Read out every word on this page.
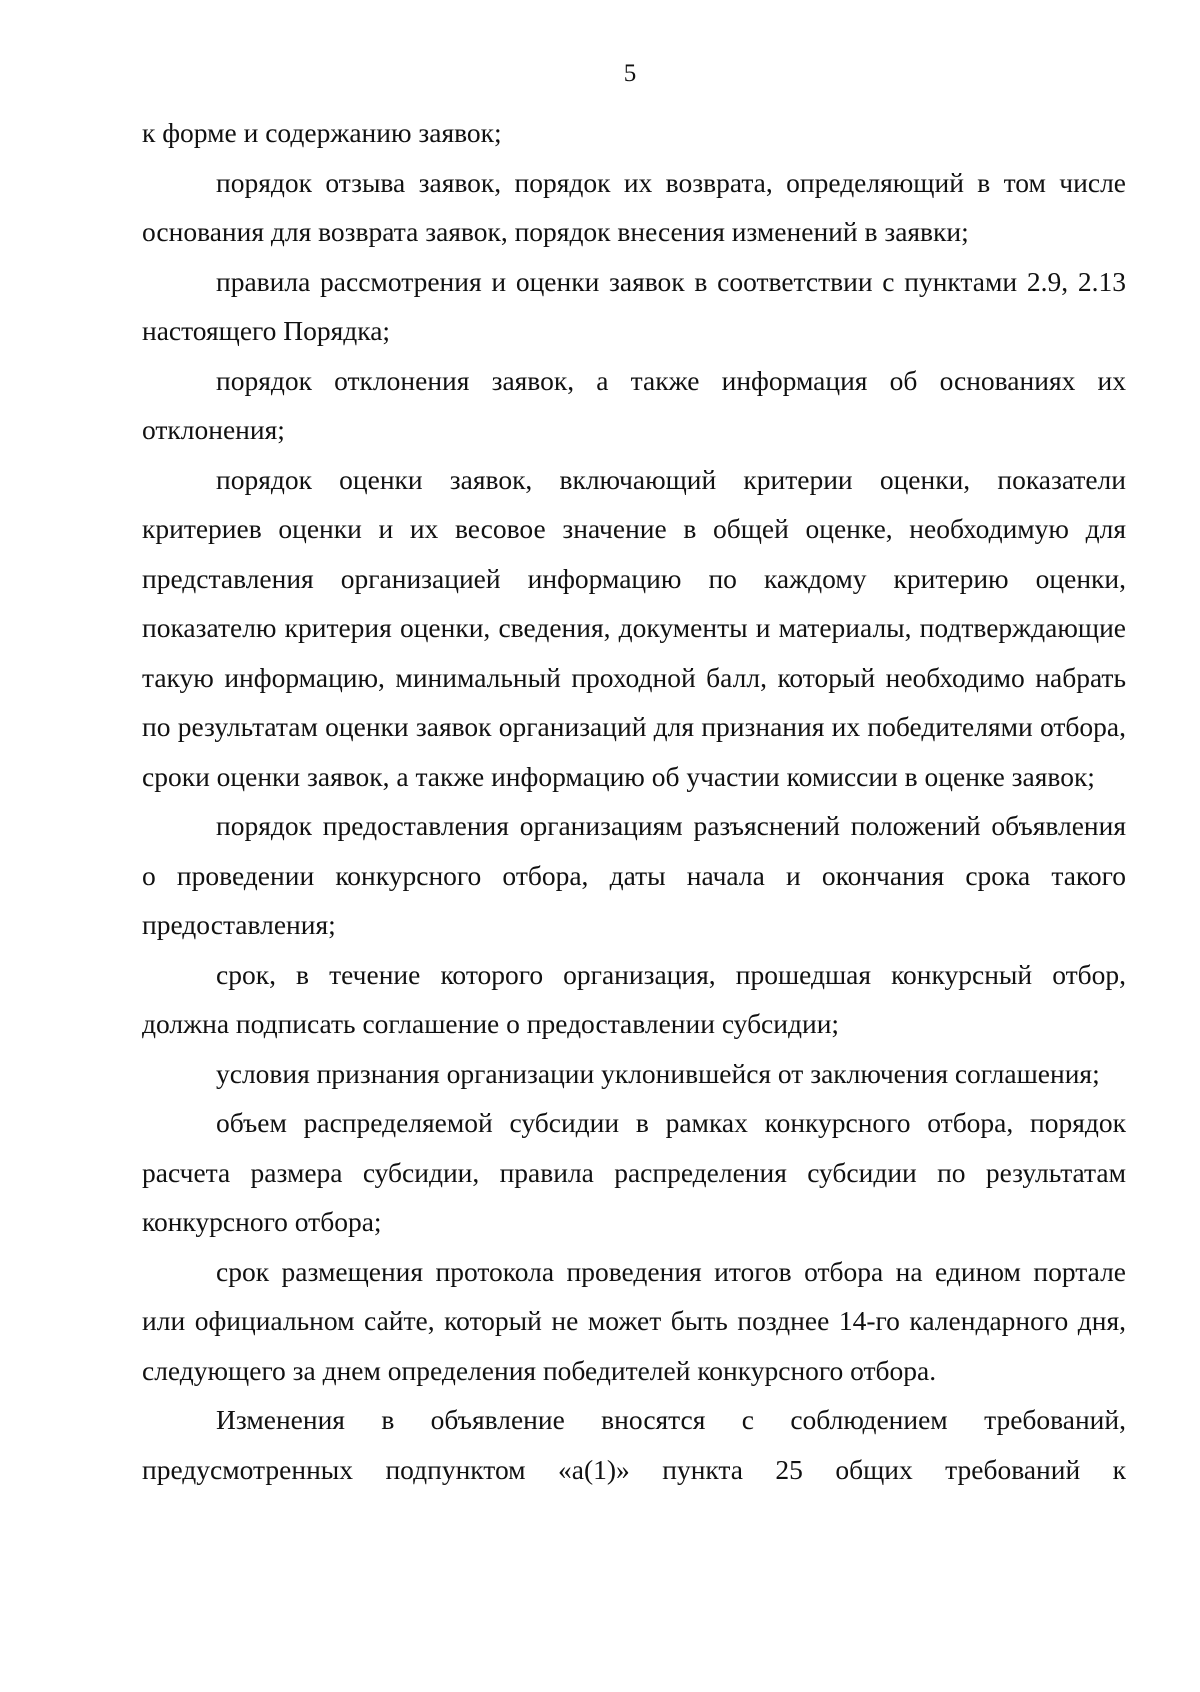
5

к форме и содержанию заявок;

порядок отзыва заявок, порядок их возврата, определяющий в том числе основания для возврата заявок, порядок внесения изменений в заявки;

правила рассмотрения и оценки заявок в соответствии с пунктами 2.9, 2.13 настоящего Порядка;

порядок отклонения заявок, а также информация об основаниях их отклонения;

порядок оценки заявок, включающий критерии оценки, показатели критериев оценки и их весовое значение в общей оценке, необходимую для представления организацией информацию по каждому критерию оценки, показателю критерия оценки, сведения, документы и материалы, подтверждающие такую информацию, минимальный проходной балл, который необходимо набрать по результатам оценки заявок организаций для признания их победителями отбора, сроки оценки заявок, а также информацию об участии комиссии в оценке заявок;

порядок предоставления организациям разъяснений положений объявления о проведении конкурсного отбора, даты начала и окончания срока такого предоставления;

срок, в течение которого организация, прошедшая конкурсный отбор, должна подписать соглашение о предоставлении субсидии;

условия признания организации уклонившейся от заключения соглашения;

объем распределяемой субсидии в рамках конкурсного отбора, порядок расчета размера субсидии, правила распределения субсидии по результатам конкурсного отбора;

срок размещения протокола проведения итогов отбора на едином портале или официальном сайте, который не может быть позднее 14-го календарного дня, следующего за днем определения победителей конкурсного отбора.

Изменения в объявление вносятся с соблюдением требований, предусмотренных подпунктом «а(1)» пункта 25 общих требований к
